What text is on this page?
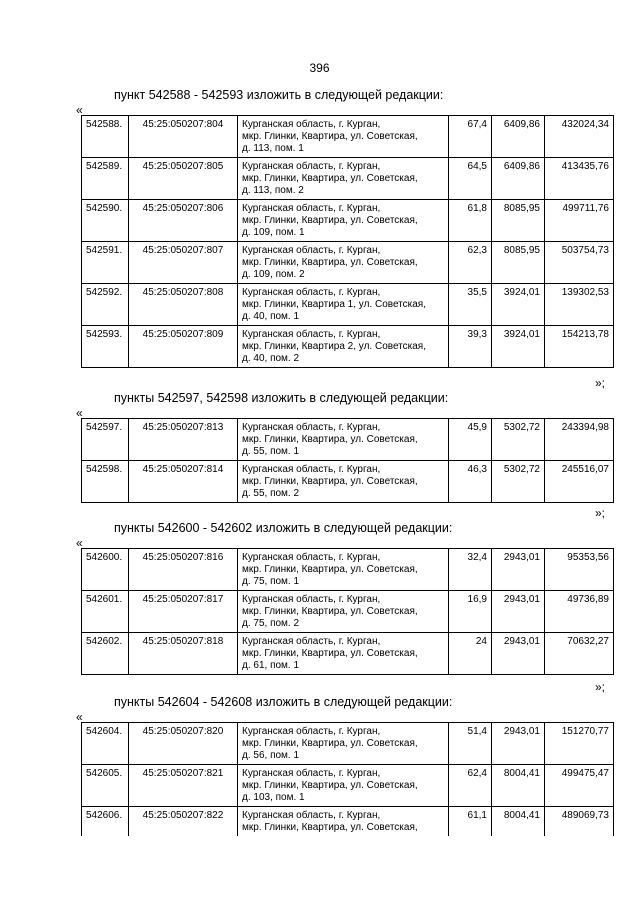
396
пункт 542588 - 542593 изложить в следующей редакции:
«
542588.	45:25:050207:804	Курганская область, г. Курган,
мкр. Глинки, Квартира, ул. Советская,
д. 113, пом. 1	67,4	6409,86	432024,34
542589.	45:25:050207:805	Курганская область, г. Курган,
мкр. Глинки, Квартира, ул. Советская,
д. 113, пом. 2	64,5	6409,86	413435,76
542590.	45:25:050207:806	Курганская область, г. Курган,
мкр. Глинки, Квартира, ул. Советская,
д. 109, пом. 1	61,8	8085,95	499711,76
542591.	45:25:050207:807	Курганская область, г. Курган,
мкр. Глинки, Квартира, ул. Советская,
д. 109, пом. 2	62,3	8085,95	503754,73
542592.	45:25:050207:808	Курганская область, г. Курган,
мкр. Глинки, Квартира 1, ул. Советская,
д. 40, пом. 1	35,5	3924,01	139302,53
542593.	45:25:050207:809	Курганская область, г. Курган,
мкр. Глинки, Квартира 2, ул. Советская,
д. 40, пом. 2	39,3	3924,01	154213,78
»;
пункты 542597, 542598 изложить в следующей редакции:
«
542597.	45:25:050207:813	Курганская область, г. Курган,
мкр. Глинки, Квартира, ул. Советская,
д. 55, пом. 1	45,9	5302,72	243394,98
542598.	45:25:050207:814	Курганская область, г. Курган,
мкр. Глинки, Квартира, ул. Советская,
д. 55, пом. 2	46,3	5302,72	245516,07
»;
пункты 542600 - 542602 изложить в следующей редакции:
«
542600.	45:25:050207:816	Курганская область, г. Курган,
мкр. Глинки, Квартира, ул. Советская,
д. 75, пом. 1	32,4	2943,01	95353,56
542601.	45:25:050207:817	Курганская область, г. Курган,
мкр. Глинки, Квартира, ул. Советская,
д. 75, пом. 2	16,9	2943,01	49736,89
542602.	45:25:050207:818	Курганская область, г. Курган,
мкр. Глинки, Квартира, ул. Советская,
д. 61, пом. 1	24	2943,01	70632,27
»;
пункты 542604 - 542608 изложить в следующей редакции:
«
542604.	45:25:050207:820	Курганская область, г. Курган,
мкр. Глинки, Квартира, ул. Советская,
д. 56, пом. 1	51,4	2943,01	151270,77
542605.	45:25:050207:821	Курганская область, г. Курган,
мкр. Глинки, Квартира, ул. Советская,
д. 103, пом. 1	62,4	8004,41	499475,47
542606.	45:25:050207:822	Курганская область, г. Курган,
мкр. Глинки, Квартира, ул. Советская,	61,1	8004,41	489069,73
